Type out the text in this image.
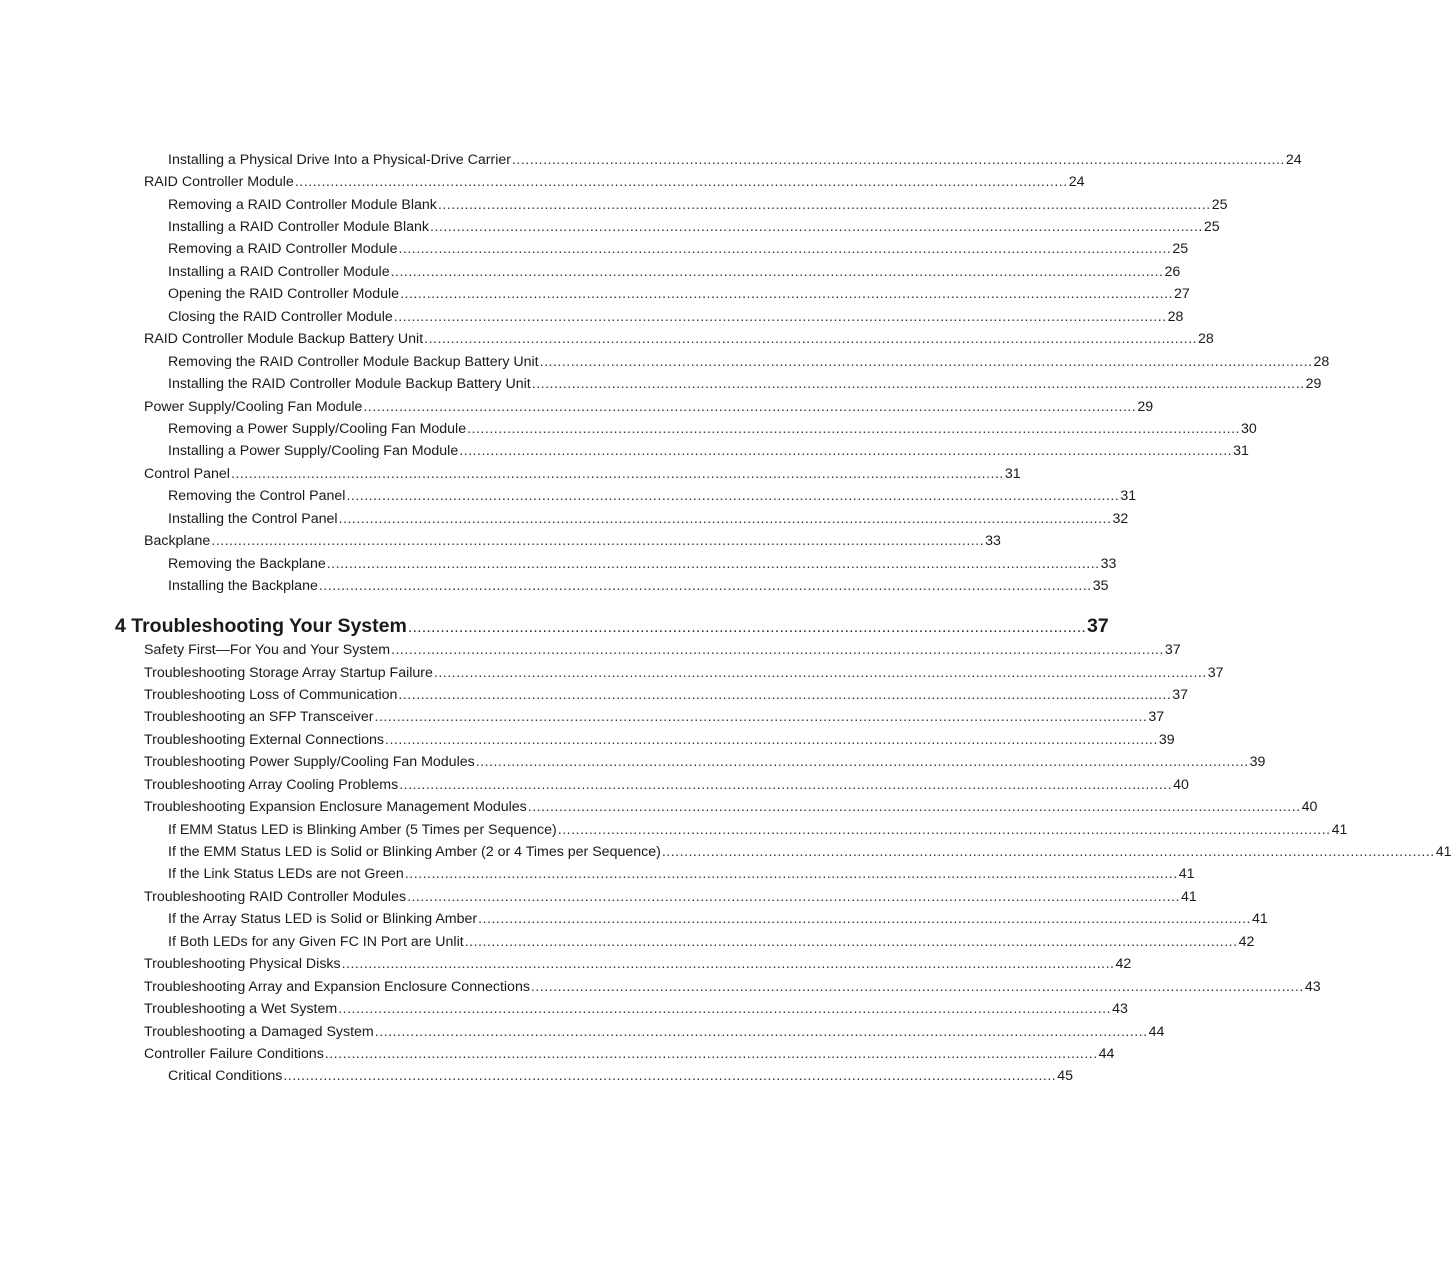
Installing a Physical Drive Into a Physical-Drive Carrier .............................................................................................................................................................................. 24
RAID Controller Module .............................................................................................................................................................................. 24
Removing a RAID Controller Module Blank .............................................................................................................................................................................. 25
Installing a RAID Controller Module Blank .............................................................................................................................................................................. 25
Removing a RAID Controller Module .............................................................................................................................................................................. 25
Installing a RAID Controller Module .............................................................................................................................................................................. 26
Opening the RAID Controller Module .............................................................................................................................................................................. 27
Closing the RAID Controller Module .............................................................................................................................................................................. 28
RAID Controller Module Backup Battery Unit .............................................................................................................................................................................. 28
Removing the RAID Controller Module Backup Battery Unit .............................................................................................................................................................................. 28
Installing the RAID Controller Module Backup Battery Unit .............................................................................................................................................................................. 29
Power Supply/Cooling Fan Module .............................................................................................................................................................................. 29
Removing a Power Supply/Cooling Fan Module .............................................................................................................................................................................. 30
Installing a Power Supply/Cooling Fan Module .............................................................................................................................................................................. 31
Control Panel .............................................................................................................................................................................. 31
Removing the Control Panel .............................................................................................................................................................................. 31
Installing the Control Panel .............................................................................................................................................................................. 32
Backplane .............................................................................................................................................................................. 33
Removing the Backplane .............................................................................................................................................................................. 33
Installing the Backplane .............................................................................................................................................................................. 35
4 Troubleshooting Your System .................................................................................................................................................. 37
Safety First—For You and Your System .............................................................................................................................................................................. 37
Troubleshooting Storage Array Startup Failure .............................................................................................................................................................................. 37
Troubleshooting Loss of Communication .............................................................................................................................................................................. 37
Troubleshooting an SFP Transceiver .............................................................................................................................................................................. 37
Troubleshooting External Connections .............................................................................................................................................................................. 39
Troubleshooting Power Supply/Cooling Fan Modules .............................................................................................................................................................................. 39
Troubleshooting Array Cooling Problems .............................................................................................................................................................................. 40
Troubleshooting Expansion Enclosure Management Modules .............................................................................................................................................................................. 40
If EMM Status LED is Blinking Amber (5 Times per Sequence) .............................................................................................................................................................................. 41
If the EMM Status LED is Solid or Blinking Amber (2 or 4 Times per Sequence) .............................................................................................................................................................................. 41
If the Link Status LEDs are not Green .............................................................................................................................................................................. 41
Troubleshooting RAID Controller Modules .............................................................................................................................................................................. 41
If the Array Status LED is Solid or Blinking Amber .............................................................................................................................................................................. 41
If Both LEDs for any Given FC IN Port are Unlit .............................................................................................................................................................................. 42
Troubleshooting Physical Disks .............................................................................................................................................................................. 42
Troubleshooting Array and Expansion Enclosure Connections .............................................................................................................................................................................. 43
Troubleshooting a Wet System .............................................................................................................................................................................. 43
Troubleshooting a Damaged System .............................................................................................................................................................................. 44
Controller Failure Conditions .............................................................................................................................................................................. 44
Critical Conditions .............................................................................................................................................................................. 45
